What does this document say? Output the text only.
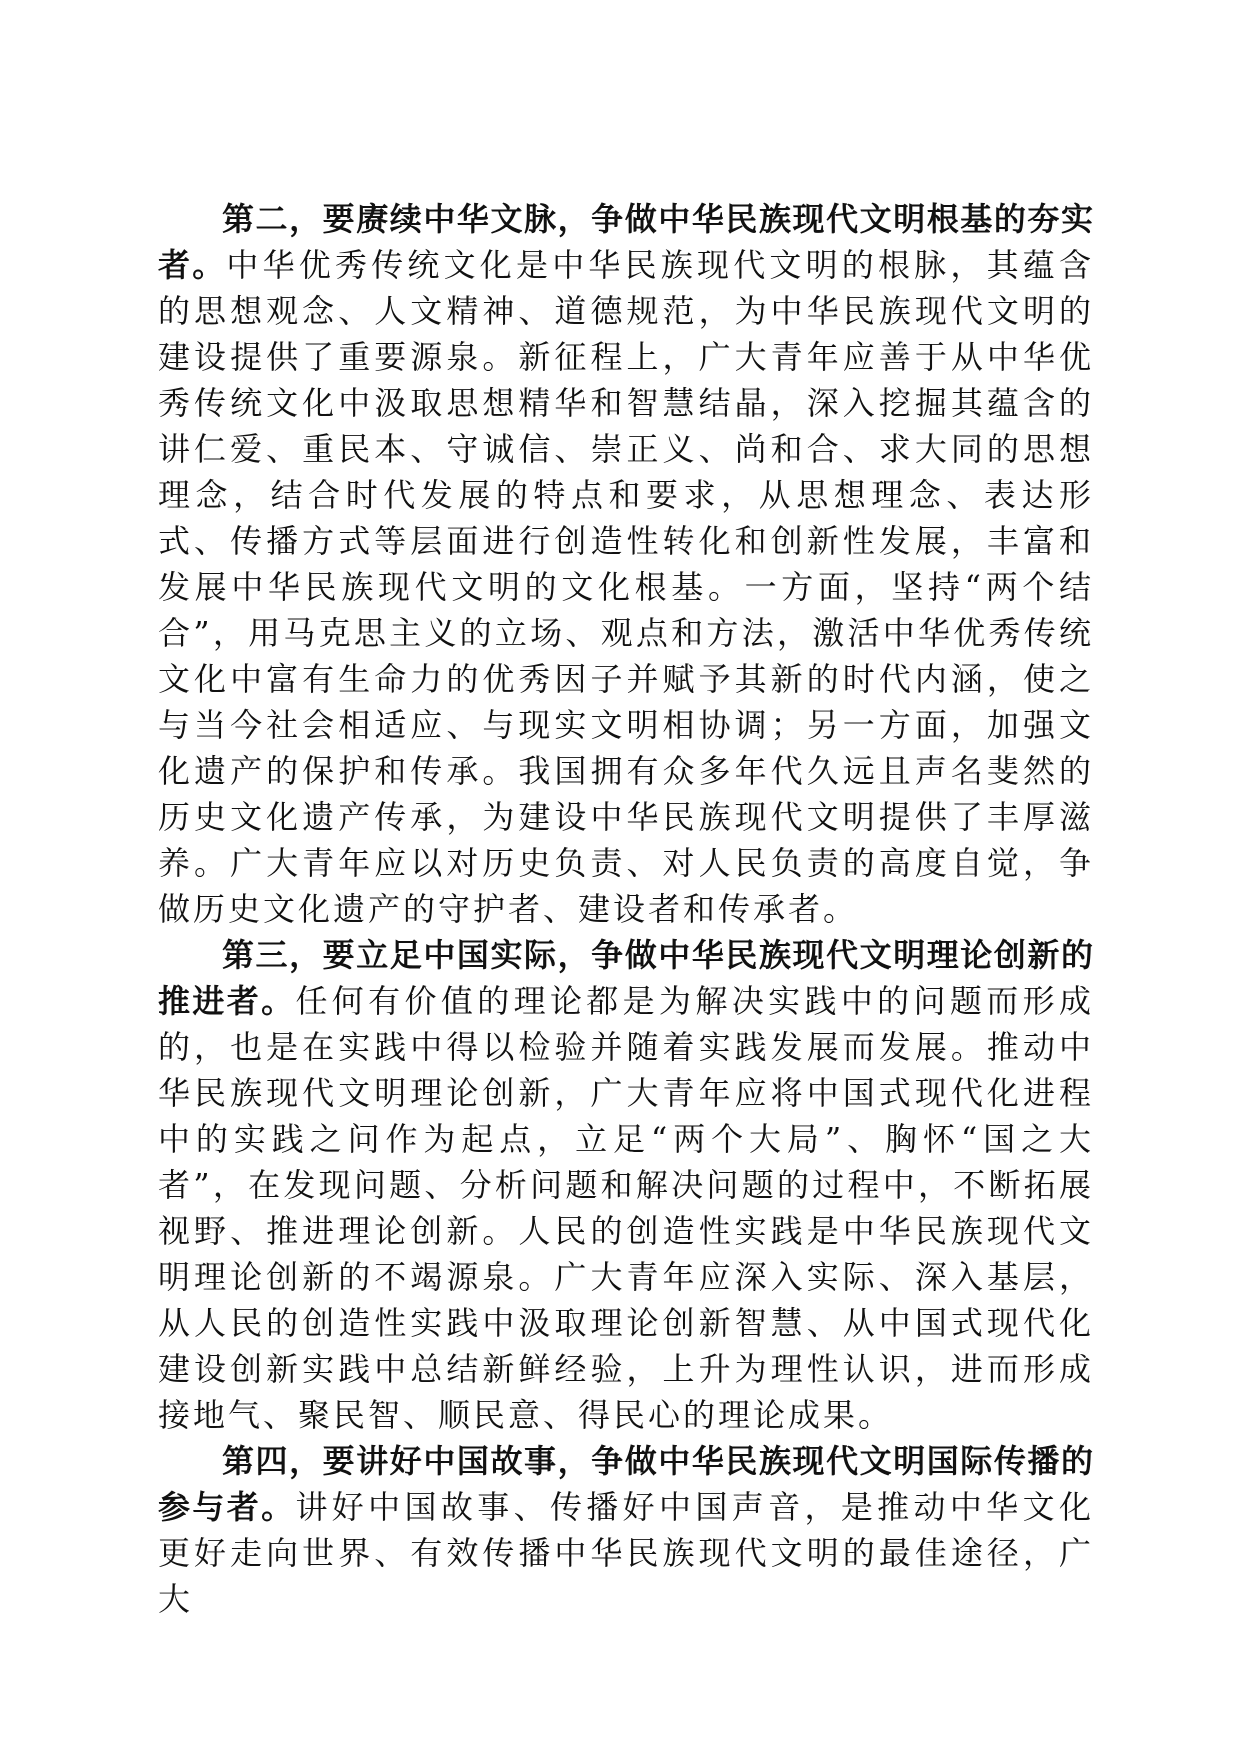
第二，要赓续中华文脉，争做中华民族现代文明根基的夯实者。中华优秀传统文化是中华民族现代文明的根脉，其蕴含的思想观念、人文精神、道德规范，为中华民族现代文明的建设提供了重要源泉。新征程上，广大青年应善于从中华优秀传统文化中汲取思想精华和智慧结晶，深入挖掘其蕴含的讲仁爱、重民本、守诚信、崇正义、尚和合、求大同的思想理念，结合时代发展的特点和要求，从思想理念、表达形式、传播方式等层面进行创造性转化和创新性发展，丰富和发展中华民族现代文明的文化根基。一方面，坚持“两个结合”，用马克思主义的立场、观点和方法，激活中华优秀传统文化中富有生命力的优秀因子并赋予其新的时代内涵，使之与当今社会相适应、与现实文明相协调；另一方面，加强文化遗产的保护和传承。我国拥有众多年代久远且声名斐然的历史文化遗产传承，为建设中华民族现代文明提供了丰厚滋养。广大青年应以对历史负责、对人民负责的高度自觉，争做历史文化遗产的守护者、建设者和传承者。

第三，要立足中国实际，争做中华民族现代文明理论创新的推进者。任何有价值的理论都是为解决实践中的问题而形成的，也是在实践中得以检验并随着实践发展而发展。推动中华民族现代文明理论创新，广大青年应将中国式现代化进程中的实践之问作为起点，立足“两个大局”、胸怀“国之大者”，在发现问题、分析问题和解决问题的过程中，不断拓展视野、推进理论创新。人民的创造性实践是中华民族现代文明理论创新的不竭源泉。广大青年应深入实际、深入基层，从人民的创造性实践中汲取理论创新智慧、从中国式现代化建设创新实践中总结新鲜经验，上升为理性认识，进而形成接地气、聚民智、顺民意、得民心的理论成果。

第四，要讲好中国故事，争做中华民族现代文明国际传播的参与者。讲好中国故事、传播好中国声音，是推动中华文化更好走向世界、有效传播中华民族现代文明的最佳途径，广大
